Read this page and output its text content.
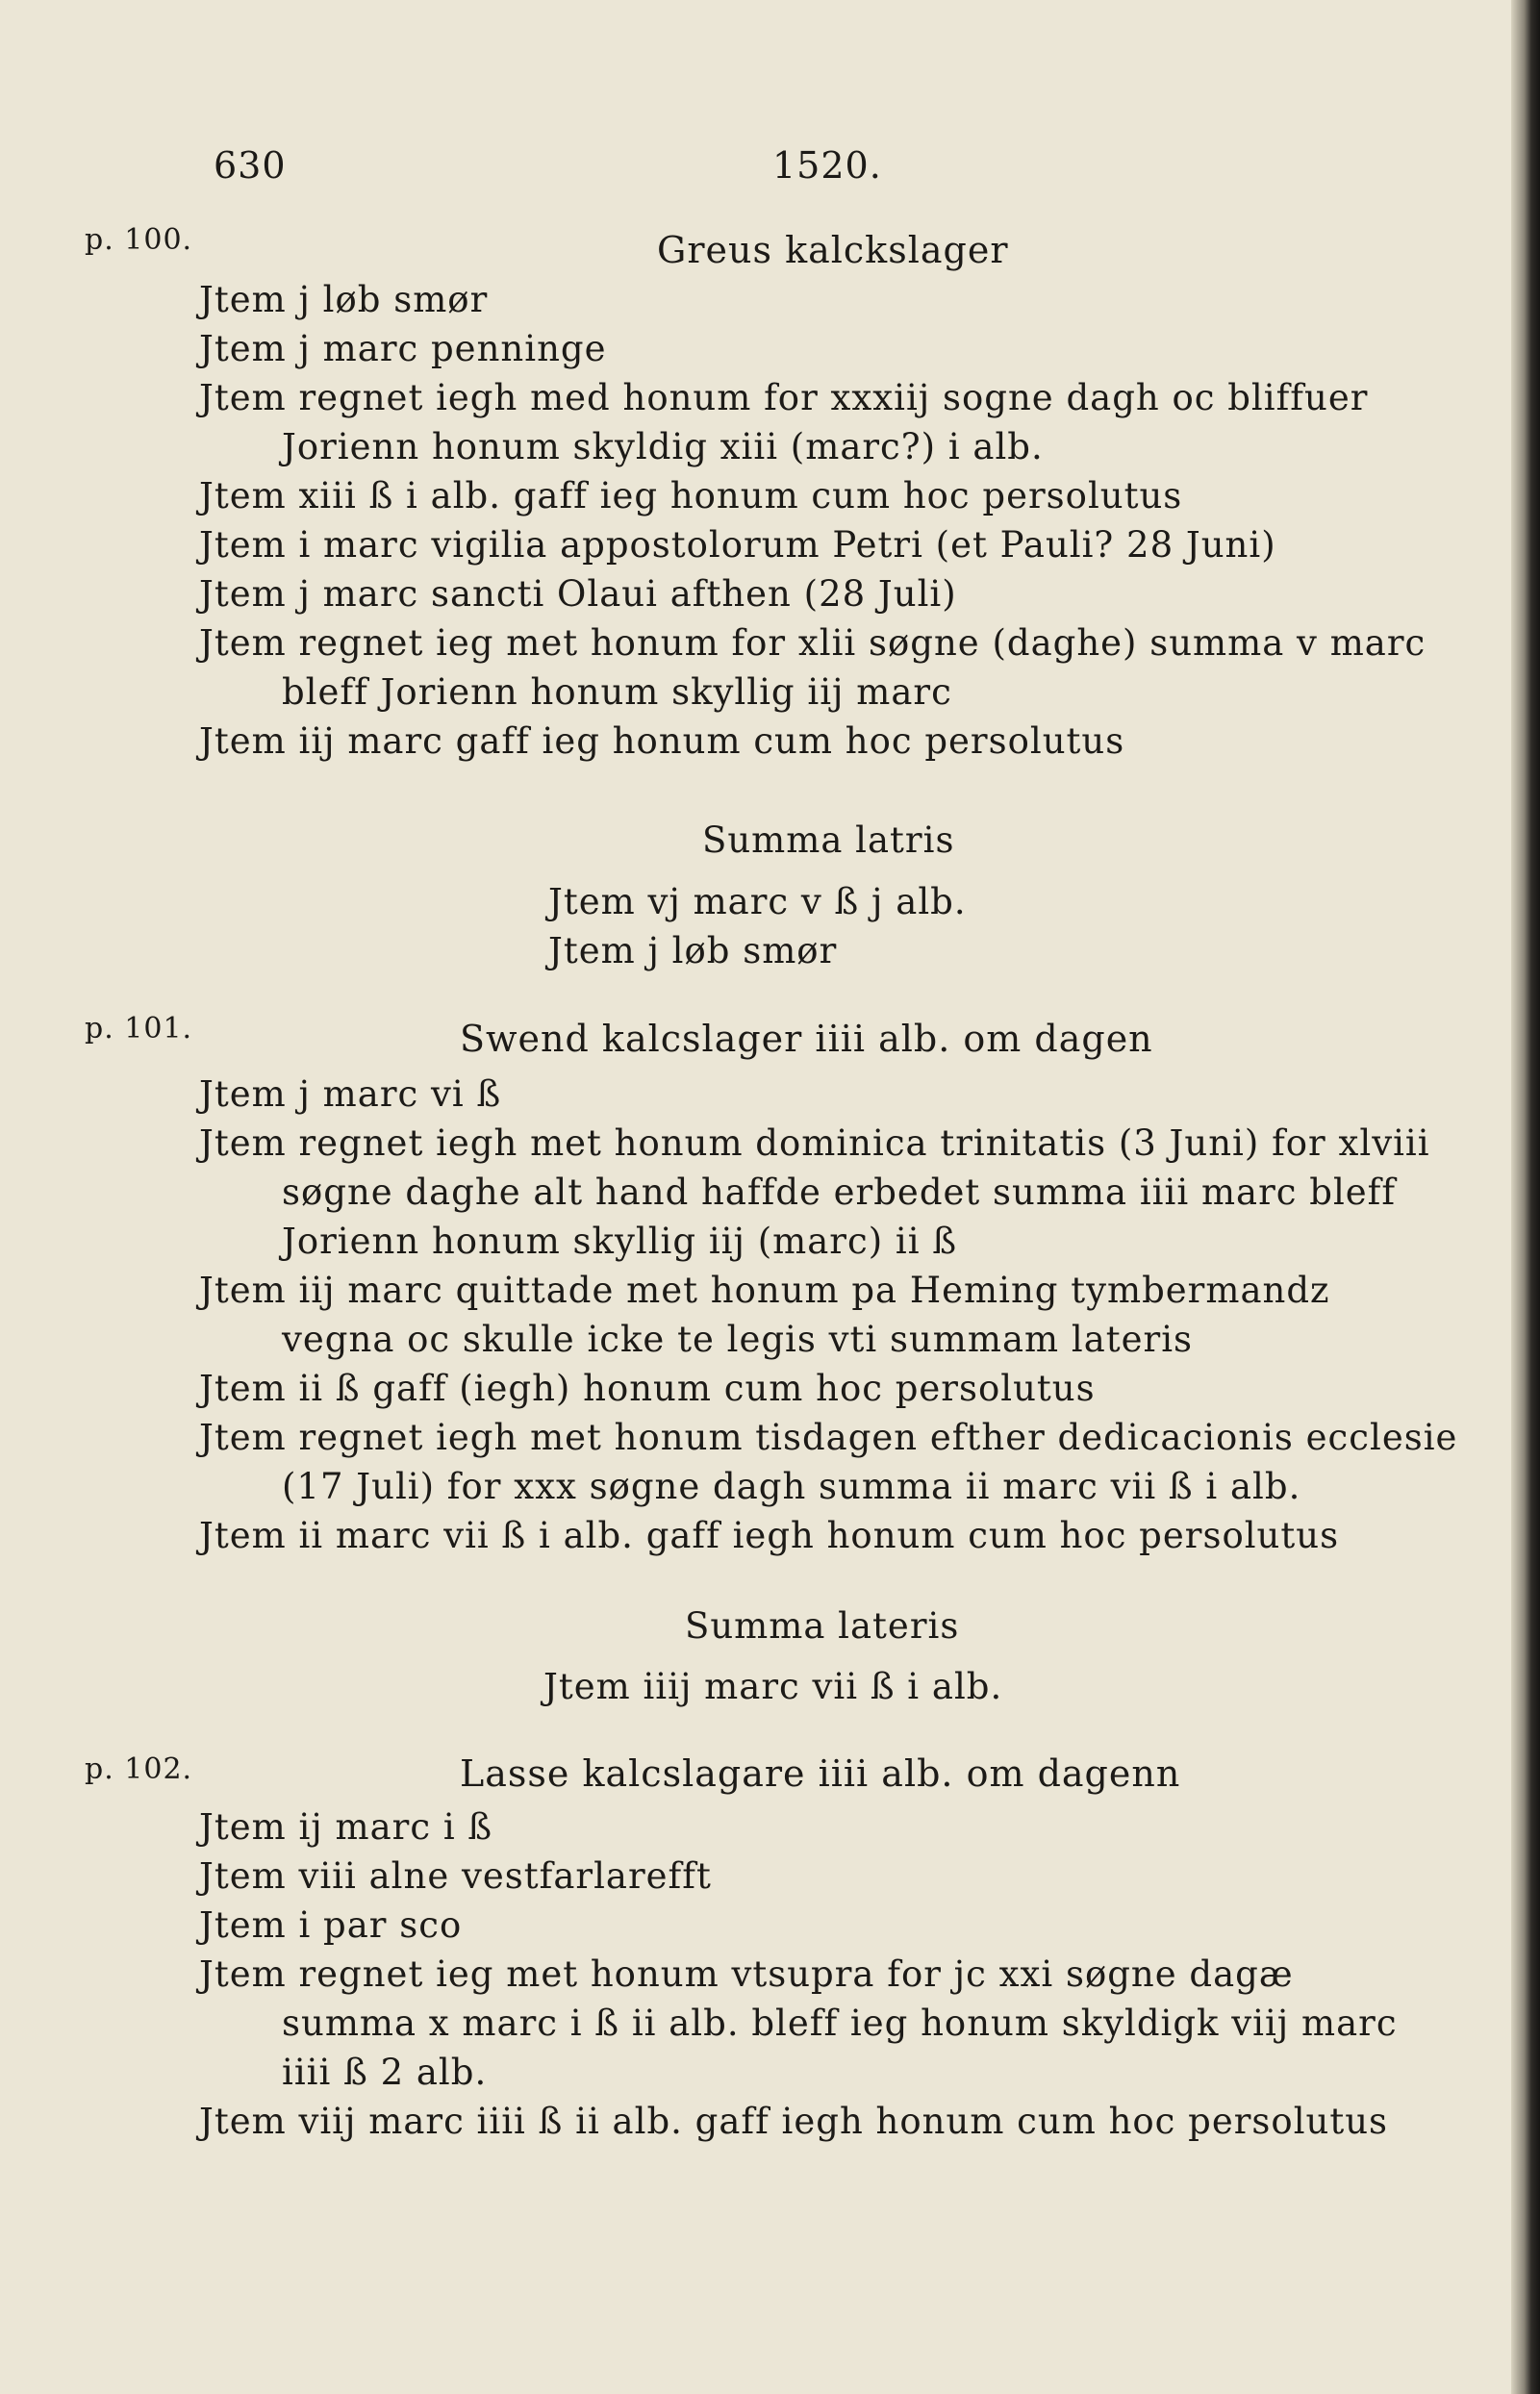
630	1520.
p. 100.	Greus kalckslager
Jtem j løb smør
Jtem j marc penninge
Jtem regnet iegh med honum for xxxiij sogne dagh oc bliffuer
Jorienn honum skyldig xiii (marc?) i alb.
Jtem xiii ß i alb. gaff ieg honum cum hoc persolutus
Jtem i marc vigilia appostolorum Petri (et Pauli? 28 Juni)
Jtem j marc sancti Olaui afthen (28 Juli)
Jtem regnet ieg met honum for xlii søgne (daghe) summa v marc
bleff Jorienn honum skyllig iij marc
Jtem iij marc gaff ieg honum cum hoc persolutus
Summa latris
Jtem vj marc v ß j alb.
Jtem j løb smør
p. 101.	Swend kalcslager iiii alb. om dagen
Jtem j marc vi ß
Jtem regnet iegh met honum dominica trinitatis (3 Juni) for xlviii
søgne daghe alt hand haffde erbedet summa iiii marc bleff
Jorienn honum skyllig iij (marc) ii ß
Jtem iij marc quittade met honum pa Heming tymbermandz
vegna oc skulle icke te legis vti summam lateris
Jtem ii ß gaff (iegh) honum cum hoc persolutus
Jtem regnet iegh met honum tisdagen efther dedicacionis ecclesie
(17 Juli) for xxx søgne dagh summa ii marc vii ß i alb.
Jtem ii marc vii ß i alb. gaff iegh honum cum hoc persolutus
Summa lateris
Jtem iiij marc vii ß i alb.
p. 102.	Lasse kalcslagare iiii alb. om dagenn
Jtem ij marc i ß
Jtem viii alne vestfarlarefft
Jtem i par sco
Jtem regnet ieg met honum vtsupra for jc xxi søgne dagæ
summa x marc i ß ii alb. bleff ieg honum skyldigk viij marc
iiii ß 2 alb.
Jtem viij marc iiii ß ii alb. gaff iegh honum cum hoc persolutus
